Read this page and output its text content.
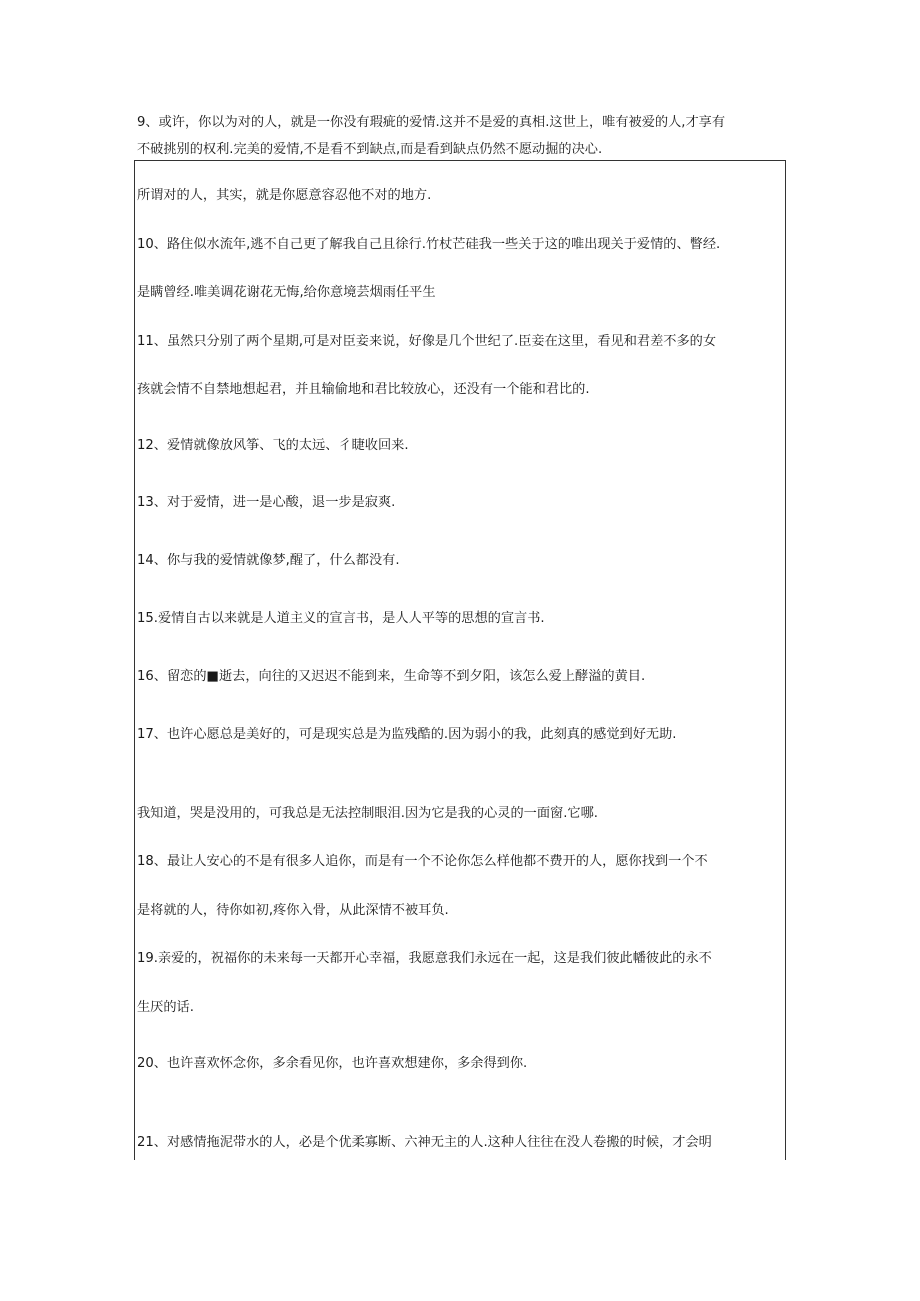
9、或许，你以为对的人，就是一你没有瑕疵的爱情.这并不是爱的真相.这世上，唯有被爱的人,才享有
不破挑别的权利.完美的爱情,不是看不到缺点,而是看到缺点仍然不愿动掘的决心.
所谓对的人，其实，就是你愿意容忍他不对的地方.
10、路住似水流年,逃不自己更了解我自己且徐行.竹杖芒硅我一些关于这的唯出现关于爱情的、瞥经.
是瞒曾经.唯美调花谢花无悔,给你意境芸烟雨任平生
11、虽然只分别了两个星期,可是对臣妾来说，好像是几个世纪了.臣妾在这里，看见和君差不多的女
孩就会情不自禁地想起君，并且输偷地和君比较放心，还没有一个能和君比的.
12、爱情就像放风筝、飞的太远、彳睫收回来.
13、对于爱情，进一是心酸，退一步是寂爽.
14、你与我的爱情就像梦,醒了，什么都没有.
15.爱情自古以来就是人道主义的宣言书，是人人平等的思想的宣言书.
16、留恋的■逝去，向往的又迟迟不能到来，生命等不到夕阳，该怎么爱上酵溢的黄目.
17、也许心愿总是美好的，可是现实总是为监残酷的.因为弱小的我，此刻真的感觉到好无助.
我知道，哭是没用的，可我总是无法控制眼泪.因为它是我的心灵的一面窗.它哪.
18、最让人安心的不是有很多人追你，而是有一个不论你怎么样他都不费开的人，愿你找到一个不
是将就的人，待你如初,疼你入骨，从此深情不被耳负.
19.亲爱的，祝福你的未来每一天都开心幸福，我愿意我们永远在一起，这是我们彼此幡彼此的永不
生厌的话.
20、也许喜欢怀念你，多余看见你，也许喜欢想建你，多余得到你.
21、对感情拖泥带水的人，必是个优柔寡断、六神无主的人.这种人往往在没人卷搬的时候，才会明
